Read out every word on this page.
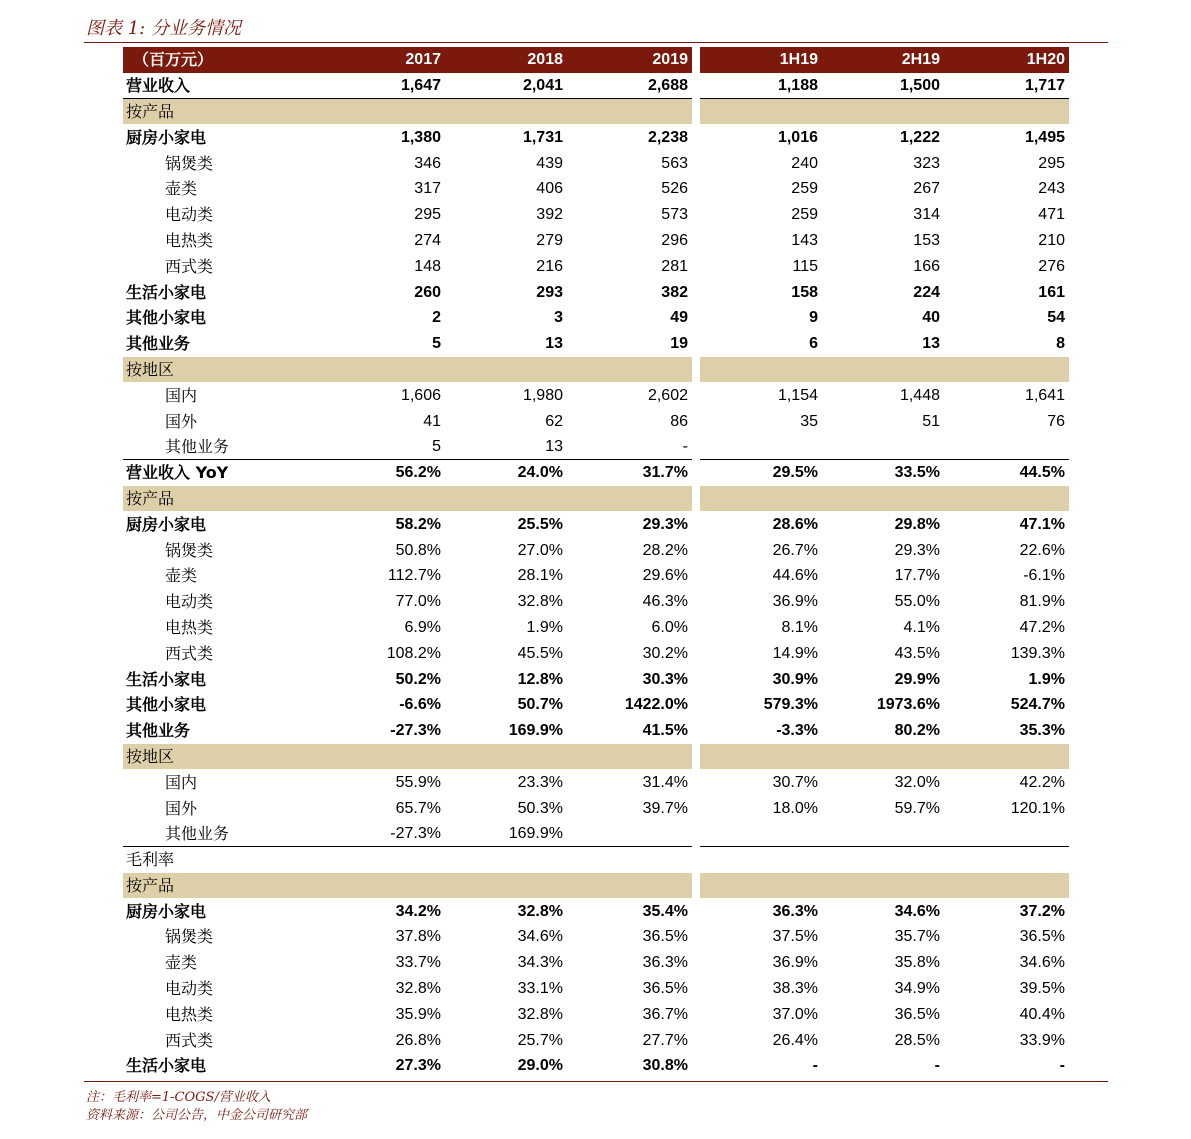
图表 1: 分业务情况
（百万元）	2017	2018	2019		1H19	2H19	1H20
营业收入	1,647	2,041	2,688		1,188	1,500	1,717
按产品							
厨房小家电	1,380	1,731	2,238		1,016	1,222	1,495
锅煲类	346	439	563		240	323	295
壶类	317	406	526		259	267	243
电动类	295	392	573		259	314	471
电热类	274	279	296		143	153	210
西式类	148	216	281		115	166	276
生活小家电	260	293	382		158	224	161
其他小家电	2	3	49		9	40	54
其他业务	5	13	19		6	13	8
按地区							
国内	1,606	1,980	2,602		1,154	1,448	1,641
国外	41	62	86		35	51	76
其他业务	5	13	-				
营业收入 YoY	56.2%	24.0%	31.7%		29.5%	33.5%	44.5%
按产品							
厨房小家电	58.2%	25.5%	29.3%		28.6%	29.8%	47.1%
锅煲类	50.8%	27.0%	28.2%		26.7%	29.3%	22.6%
壶类	112.7%	28.1%	29.6%		44.6%	17.7%	-6.1%
电动类	77.0%	32.8%	46.3%		36.9%	55.0%	81.9%
电热类	6.9%	1.9%	6.0%		8.1%	4.1%	47.2%
西式类	108.2%	45.5%	30.2%		14.9%	43.5%	139.3%
生活小家电	50.2%	12.8%	30.3%		30.9%	29.9%	1.9%
其他小家电	-6.6%	50.7%	1422.0%		579.3%	1973.6%	524.7%
其他业务	-27.3%	169.9%	41.5%		-3.3%	80.2%	35.3%
按地区							
国内	55.9%	23.3%	31.4%		30.7%	32.0%	42.2%
国外	65.7%	50.3%	39.7%		18.0%	59.7%	120.1%
其他业务	-27.3%	169.9%					
毛利率							
按产品							
厨房小家电	34.2%	32.8%	35.4%		36.3%	34.6%	37.2%
锅煲类	37.8%	34.6%	36.5%		37.5%	35.7%	36.5%
壶类	33.7%	34.3%	36.3%		36.9%	35.8%	34.6%
电动类	32.8%	33.1%	36.5%		38.3%	34.9%	39.5%
电热类	35.9%	32.8%	36.7%		37.0%	36.5%	40.4%
西式类	26.8%	25.7%	27.7%		26.4%	28.5%	33.9%
生活小家电	27.3%	29.0%	30.8%		-	-	-
注：毛利率=1-COGS/营业收入
资料来源：公司公告，中金公司研究部
